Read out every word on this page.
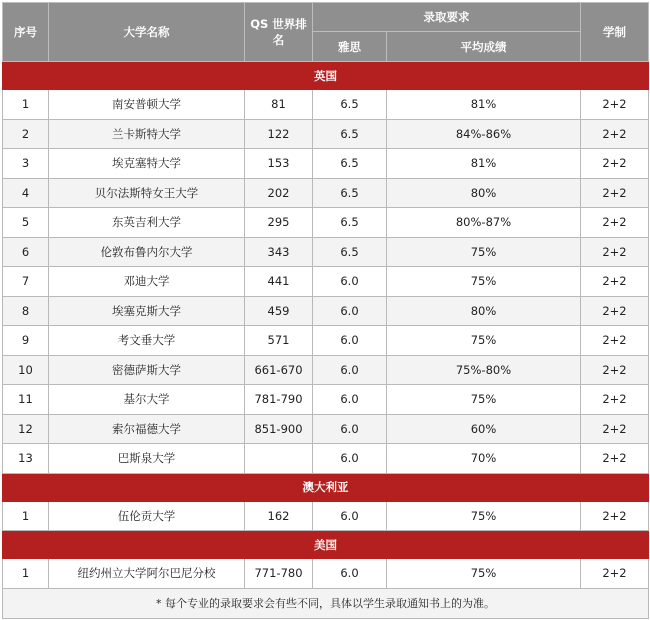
序号	大学名称	QS 世界排名	录取要求		学制
			雅思	平均成绩	
英国					
1	南安普顿大学	81	6.5	81%	2+2
2	兰卡斯特大学	122	6.5	84%-86%	2+2
3	埃克塞特大学	153	6.5	81%	2+2
4	贝尔法斯特女王大学	202	6.5	80%	2+2
5	东英吉利大学	295	6.5	80%-87%	2+2
6	伦敦布鲁内尔大学	343	6.5	75%	2+2
7	邓迪大学	441	6.0	75%	2+2
8	埃塞克斯大学	459	6.0	80%	2+2
9	考文垂大学	571	6.0	75%	2+2
10	密德萨斯大学	661-670	6.0	75%-80%	2+2
11	基尔大学	781-790	6.0	75%	2+2
12	索尔福德大学	851-900	6.0	60%	2+2
13	巴斯泉大学		6.0	70%	2+2
澳大利亚					
1	伍伦贡大学	162	6.0	75%	2+2
美国					
1	纽约州立大学阿尔巴尼分校	771-780	6.0	75%	2+2
* 每个专业的录取要求会有些不同，具体以学生录取通知书上的为准。					
